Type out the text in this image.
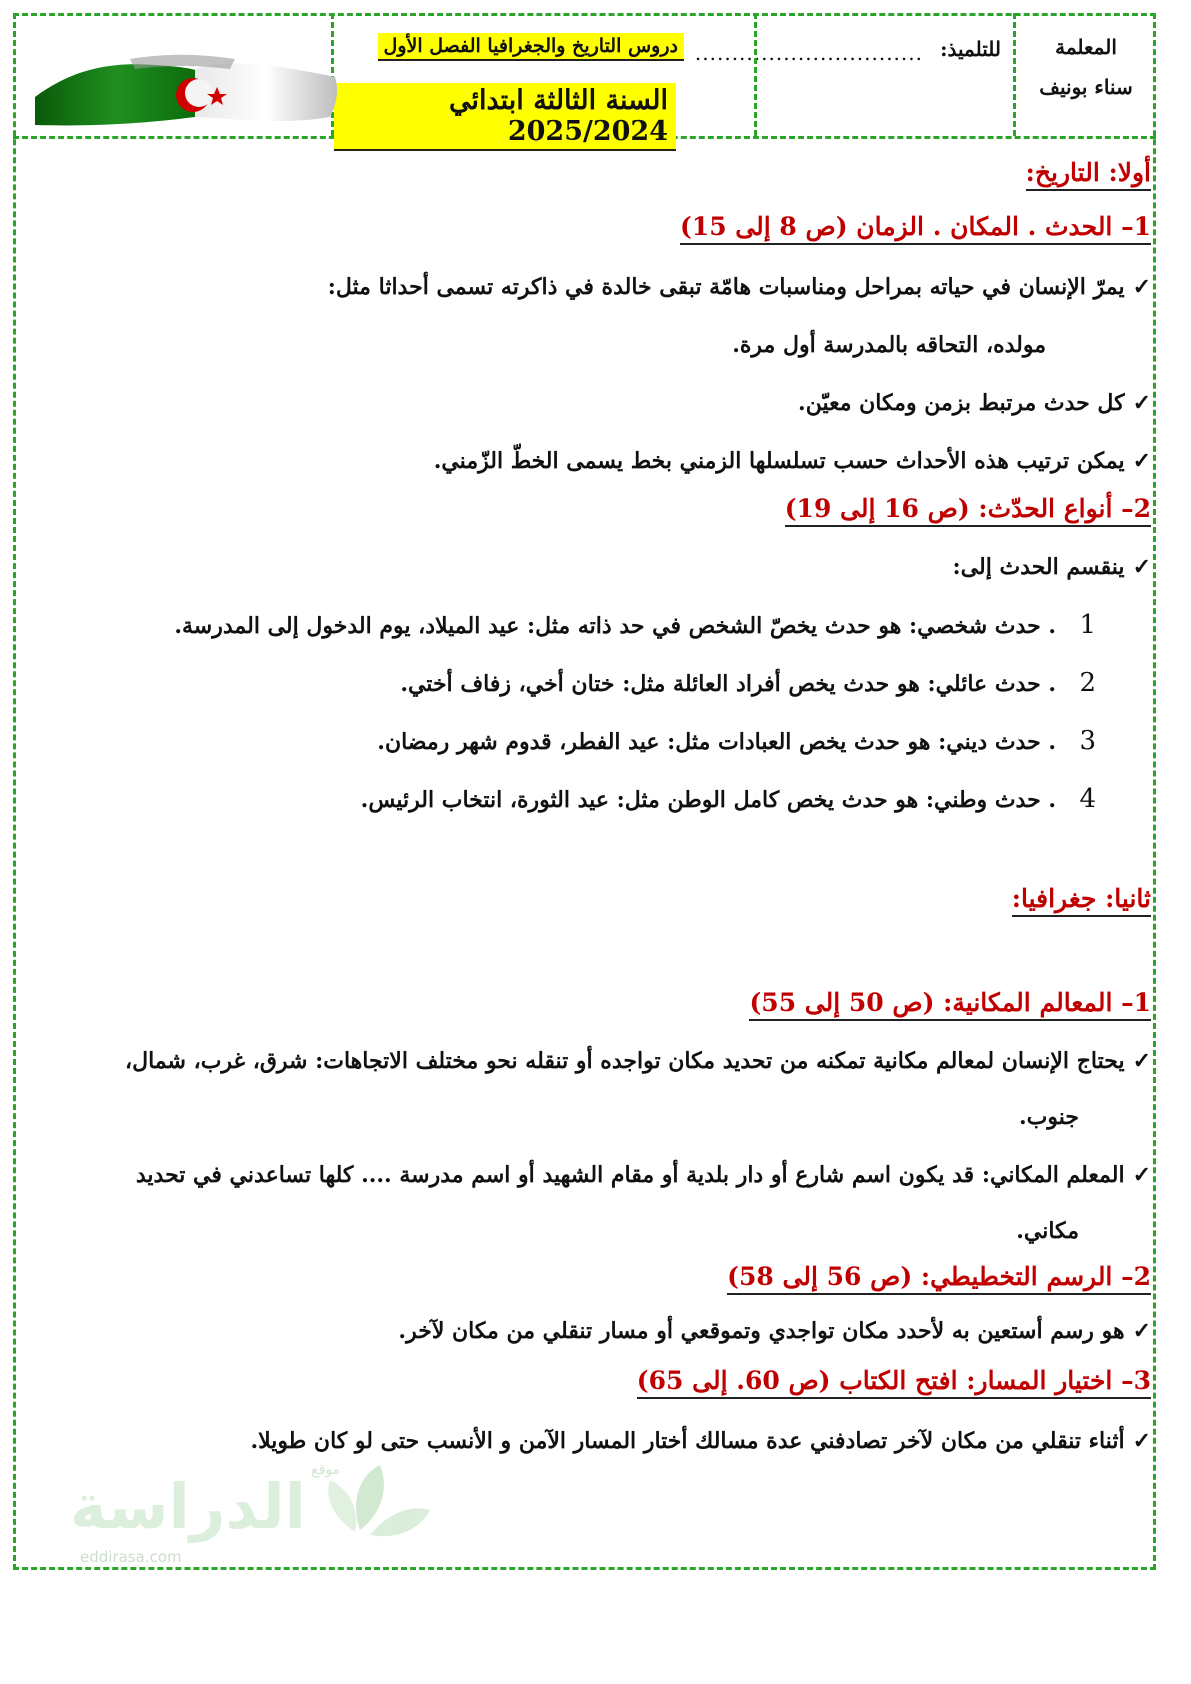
المعلمة
سناء بونيف
للتلميذ:
...............................
دروس التاريخ والجغرافيا الفصل الأول
السنة الثالثة ابتدائي 2025/2024
أولا: التاريخ:
1– الحدث . المكان . الزمان (ص 8 إلى 15)
✓يمرّ الإنسان في حياته بمراحل ومناسبات هامّة تبقى خالدة في ذاكرته تسمى أحداثا مثل:
مولده، التحاقه بالمدرسة أول مرة.
✓كل حدث مرتبط بزمن ومكان معيّن.
✓يمكن ترتيب هذه الأحداث حسب تسلسلها الزمني بخط يسمى الخطّ الزّمني.
2– أنواع الحدّث: (ص 16 إلى 19)
✓ينقسم الحدث إلى:
1. حدث شخصي: هو حدث يخصّ الشخص في حد ذاته مثل: عيد الميلاد، يوم الدخول إلى المدرسة.
2. حدث عائلي: هو حدث يخص أفراد العائلة مثل: ختان أخي، زفاف أختي.
3. حدث ديني: هو حدث يخص العبادات مثل: عيد الفطر، قدوم شهر رمضان.
4. حدث وطني: هو حدث يخص كامل الوطن مثل: عيد الثورة، انتخاب الرئيس.
ثانيا: جغرافيا:
1– المعالم المكانية: (ص 50 إلى 55)
✓يحتاج الإنسان لمعالم مكانية تمكنه من تحديد مكان تواجده أو تنقله نحو مختلف الاتجاهات: شرق، غرب، شمال،
جنوب.
✓المعلم المكاني: قد يكون اسم شارع أو دار بلدية أو مقام الشهيد أو اسم مدرسة .... كلها تساعدني في تحديد
مكاني.
2– الرسم التخطيطي: (ص 56 إلى 58)
✓هو رسم أستعين به لأحدد مكان تواجدي وتموقعي أو مسار تنقلي من مكان لآخر.
3– اختيار المسار: افتح الكتاب (ص 60. إلى 65)
✓أثناء تنقلي من مكان لآخر تصادفني عدة مسالك أختار المسار الآمن و الأنسب حتى لو كان طويلا.
موقع
الدراسة
eddirasa.com
